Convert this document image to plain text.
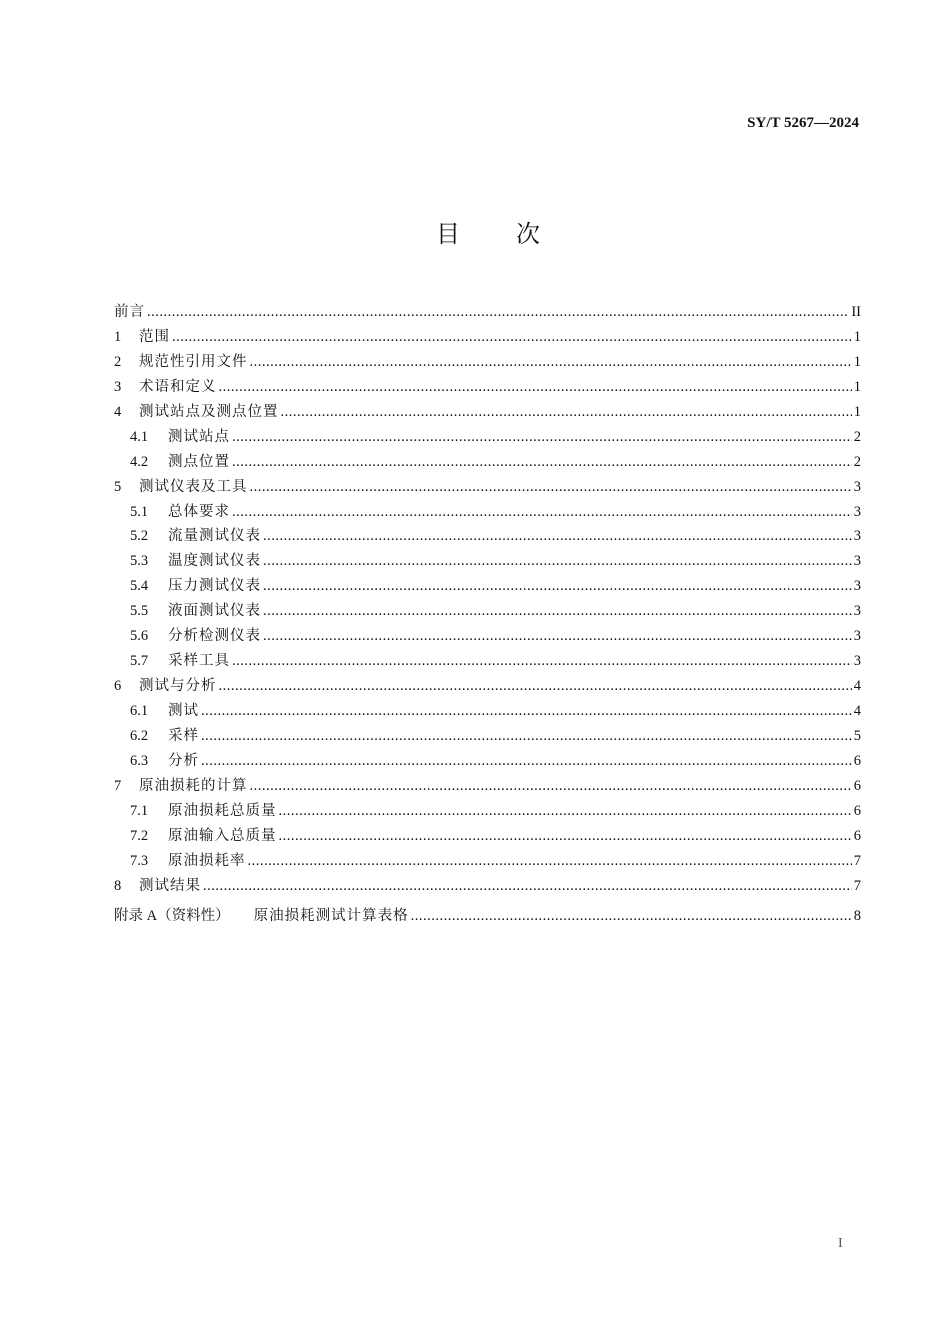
SY/T 5267—2024
目 次
前言 .....	II
1	范围 .....	1
2	规范性引用文件 .....	1
3	术语和定义 .....	1
4	测试站点及测点位置 .....	1
4.1	测试站点 .....	2
4.2	测点位置 .....	2
5	测试仪表及工具 .....	3
5.1	总体要求 .....	3
5.2	流量测试仪表 .....	3
5.3	温度测试仪表 .....	3
5.4	压力测试仪表 .....	3
5.5	液面测试仪表 .....	3
5.6	分析检测仪表 .....	3
5.7	采样工具 .....	3
6	测试与分析 .....	4
6.1	测试 .....	4
6.2	采样 .....	5
6.3	分析 .....	6
7	原油损耗的计算 .....	6
7.1	原油损耗总质量 .....	6
7.2	原油输入总质量 .....	6
7.3	原油损耗率 .....	7
8	测试结果 .....	7
附录 A（资料性） 原油损耗测试计算表格 .....	8
I
